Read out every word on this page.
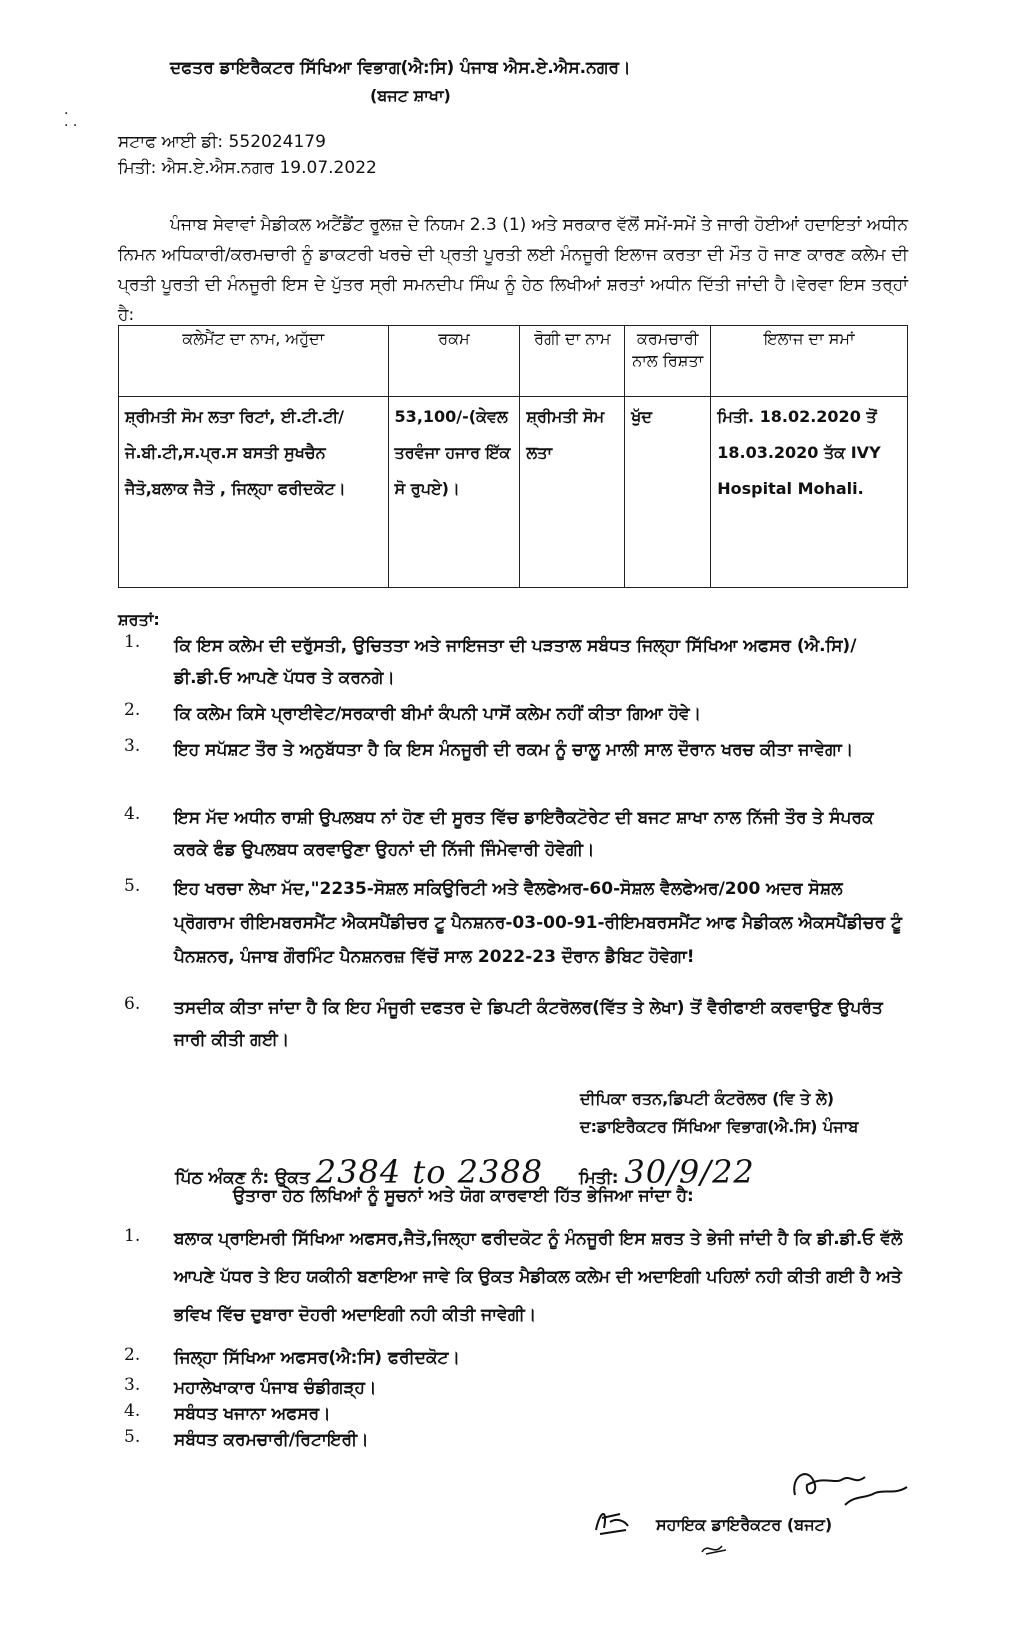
ਦਫਤਰ ਡਾਇਰੈਕਟਰ ਸਿੱਖਿਆ ਵਿਭਾਗ(ਐ:ਸਿ) ਪੰਜਾਬ ਐਸ.ਏ.ਐਸ.ਨਗਰ।
(ਬਜਟ ਸ਼ਾਖਾ)
·
· ·
ਸਟਾਫ ਆਈ ਡੀ: 552024179
ਮਿਤੀ: ਐਸ.ਏ.ਐਸ.ਨਗਰ 19.07.2022
ਪੰਜਾਬ ਸੇਵਾਵਾਂ ਮੈਡੀਕਲ ਅਟੈਂਡੈਂਟ ਰੂਲਜ਼ ਦੇ ਨਿਯਮ 2.3 (1) ਅਤੇ ਸਰਕਾਰ ਵੱਲੋਂ ਸਮੇਂ-ਸਮੇਂ ਤੇ ਜਾਰੀ ਹੋਈਆਂ ਹਦਾਇਤਾਂ ਅਧੀਨ ਨਿਮਨ ਅਧਿਕਾਰੀ/ਕਰਮਚਾਰੀ ਨੂੰ ਡਾਕਟਰੀ ਖਰਚੇ ਦੀ ਪ੍ਰਤੀ ਪੂਰਤੀ ਲਈ ਮੰਨਜੂਰੀ ਇਲਾਜ ਕਰਤਾ ਦੀ ਮੌਤ ਹੋ ਜਾਣ ਕਾਰਣ ਕਲੇਮ ਦੀ ਪ੍ਰਤੀ ਪੂਰਤੀ ਦੀ ਮੰਨਜੂਰੀ ਇਸ ਦੇ ਪੁੱਤਰ ਸ੍ਰੀ ਸਮਨਦੀਪ ਸਿੰਘ ਨੂੰ ਹੇਠ ਲਿਖੀਆਂ ਸ਼ਰਤਾਂ ਅਧੀਨ ਦਿੱਤੀ ਜਾਂਦੀ ਹੈ।ਵੇਰਵਾ ਇਸ ਤਰ੍ਹਾਂ ਹੈ:
ਕਲੇਮੈਂਟ ਦਾ ਨਾਮ, ਅਹੁੱਦਾ	ਰਕਮ	ਰੋਗੀ ਦਾ ਨਾਮ	ਕਰਮਚਾਰੀ ਨਾਲ ਰਿਸ਼ਤਾ	ਇਲਾਜ ਦਾ ਸਮਾਂ
ਸ਼੍ਰੀਮਤੀ ਸੋਮ ਲਤਾ ਰਿਟਾਂ, ਈ.ਟੀ.ਟੀ/ਜੇ.ਬੀ.ਟੀ,ਸ.ਪ੍ਰ.ਸ ਬਸਤੀ ਸੁਖਚੈਨ ਜੈਤੋ,ਬਲਾਕ ਜੈਤੋ , ਜਿਲ੍ਹਾ ਫਰੀਦਕੋਟ।	53,100/-(ਕੇਵਲ ਤਰਵੰਜਾ ਹਜਾਰ ਇੱਕ ਸੋ ਰੁਪਏ)।	ਸ਼੍ਰੀਮਤੀ ਸੋਮ ਲਤਾ	ਖੁੱਦ	ਮਿਤੀ. 18.02.2020 ਤੋਂ 18.03.2020 ਤੱਕ IVY Hospital Mohali.
ਸ਼ਰਤਾਂ:
1. ਕਿ ਇਸ ਕਲੇਮ ਦੀ ਦਰੁੱਸਤੀ, ਉਚਿਤਤਾ ਅਤੇ ਜਾਇਜਤਾ ਦੀ ਪੜਤਾਲ ਸਬੰਧਤ ਜਿਲ੍ਹਾ ਸਿੱਖਿਆ ਅਫਸਰ (ਐ.ਸਿ)/ਡੀ.ਡੀ.ਓ ਆਪਣੇ ਪੱਧਰ ਤੇ ਕਰਨਗੇ।
2. ਕਿ ਕਲੇਮ ਕਿਸੇ ਪ੍ਰਾਈਵੇਟ/ਸਰਕਾਰੀ ਬੀਮਾਂ ਕੰਪਨੀ ਪਾਸੋਂ ਕਲੇਮ ਨਹੀਂ ਕੀਤਾ ਗਿਆ ਹੋਵੇ।
3. ਇਹ ਸਪੱਸ਼ਟ ਤੌਰ ਤੇ ਅਨੁਬੱਧਤਾ ਹੈ ਕਿ ਇਸ ਮੰਨਜੂਰੀ ਦੀ ਰਕਮ ਨੂੰ ਚਾਲੂ ਮਾਲੀ ਸਾਲ ਦੌਰਾਨ ਖਰਚ ਕੀਤਾ ਜਾਵੇਗਾ।
4. ਇਸ ਮੱਦ ਅਧੀਨ ਰਾਸ਼ੀ ਉਪਲਬਧ ਨਾਂ ਹੋਣ ਦੀ ਸੂਰਤ ਵਿੱਚ ਡਾਇਰੈਕਟੋਰੇਟ ਦੀ ਬਜਟ ਸ਼ਾਖਾ ਨਾਲ ਨਿੱਜੀ ਤੌਰ ਤੇ ਸੰਪਰਕ ਕਰਕੇ ਫੰਡ ਉਪਲਬਧ ਕਰਵਾਉਣਾ ਉਹਨਾਂ ਦੀ ਨਿੱਜੀ ਜਿੰਮੇਵਾਰੀ ਹੋਵੇਗੀ।
5. ਇਹ ਖਰਚਾ ਲੇਖਾ ਮੱਦ,"2235-ਸੋਸ਼ਲ ਸਕਿਉਰਿਟੀ ਅਤੇ ਵੈਲਫੇਅਰ-60-ਸੋਸ਼ਲ ਵੈਲਫੇਅਰ/200 ਅਦਰ ਸੋਸ਼ਲ ਪ੍ਰੋਗਰਾਮ ਰੀਇਮਬਰਸਮੈਂਟ ਐਕਸਪੈਂਡੀਚਰ ਟੂ ਪੈਨਸ਼ਨਰ-03-00-91-ਰੀਇਮਬਰਸਮੈਂਟ ਆਫ ਮੈਡੀਕਲ ਐਕਸਪੈਂਡੀਚਰ ਟੂੰ ਪੈਨਸ਼ਨਰ, ਪੰਜਾਬ ਗੌਰਮਿੰਟ ਪੈਨਸ਼ਨਰਜ਼ ਵਿੱਚੋਂ ਸਾਲ 2022-23 ਦੌਰਾਨ ਡੈਬਿਟ ਹੋਵੇਗਾ!
6. ਤਸਦੀਕ ਕੀਤਾ ਜਾਂਦਾ ਹੈ ਕਿ ਇਹ ਮੰਜੂਰੀ ਦਫਤਰ ਦੇ ਡਿਪਟੀ ਕੰਟਰੋਲਰ(ਵਿੱਤ ਤੇ ਲੇਖਾ) ਤੋਂ ਵੈਰੀਫਾਈ ਕਰਵਾਉਣ ਉਪਰੰਤ ਜਾਰੀ ਕੀਤੀ ਗਈ।
ਦੀਪਿਕਾ ਰਤਨ,ਡਿਪਟੀ ਕੰਟਰੋਲਰ (ਵਿ ਤੇ ਲੇ)
ਦ:ਡਾਇਰੈਕਟਰ ਸਿੱਖਿਆ ਵਿਭਾਗ(ਐ.ਸਿ) ਪੰਜਾਬ
ਪਿੱਠ ਅੰਕਣ ਨੰ: ਉਕਤ 2384 to 2388 ਮਿਤੀ: 30/9/22
ਉਤਾਰਾ ਹੇਠ ਲਿਖਿਆਂ ਨੂੰ ਸੂਚਨਾਂ ਅਤੇ ਯੋਗ ਕਾਰਵਾਈ ਹਿੱਤ ਭੇਜਿਆ ਜਾਂਦਾ ਹੈ:
1. ਬਲਾਕ ਪ੍ਰਾਇਮਰੀ ਸਿੱਖਿਆ ਅਫਸਰ,ਜੈਤੋ,ਜਿਲ੍ਹਾ ਫਰੀਦਕੋਟ ਨੂੰ ਮੰਨਜੂਰੀ ਇਸ ਸ਼ਰਤ ਤੇ ਭੇਜੀ ਜਾਂਦੀ ਹੈ ਕਿ ਡੀ.ਡੀ.ਓ ਵੱਲੋ ਆਪਣੇ ਪੱਧਰ ਤੇ ਇਹ ਯਕੀਨੀ ਬਣਾਇਆ ਜਾਵੇ ਕਿ ਉਕਤ ਮੈਡੀਕਲ ਕਲੇਮ ਦੀ ਅਦਾਇਗੀ ਪਹਿਲਾਂ ਨਹੀ ਕੀਤੀ ਗਈ ਹੈ ਅਤੇ ਭਵਿਖ ਵਿੱਚ ਦੁਬਾਰਾ ਦੋਹਰੀ ਅਦਾਇਗੀ ਨਹੀ ਕੀਤੀ ਜਾਵੇਗੀ।
2. ਜਿਲ੍ਹਾ ਸਿੱਖਿਆ ਅਫਸਰ(ਐ:ਸਿ) ਫਰੀਦਕੋਟ।
3. ਮਹਾਲੇਖਾਕਾਰ ਪੰਜਾਬ ਚੰਡੀਗੜ੍ਹ।
4. ਸਬੰਧਤ ਖਜਾਨਾ ਅਫਸਰ।
5. ਸਬੰਧਤ ਕਰਮਚਾਰੀ/ਰਿਟਾਇਰੀ।
ਸਹਾਇਕ ਡਾਇਰੈਕਟਰ (ਬਜਟ)
